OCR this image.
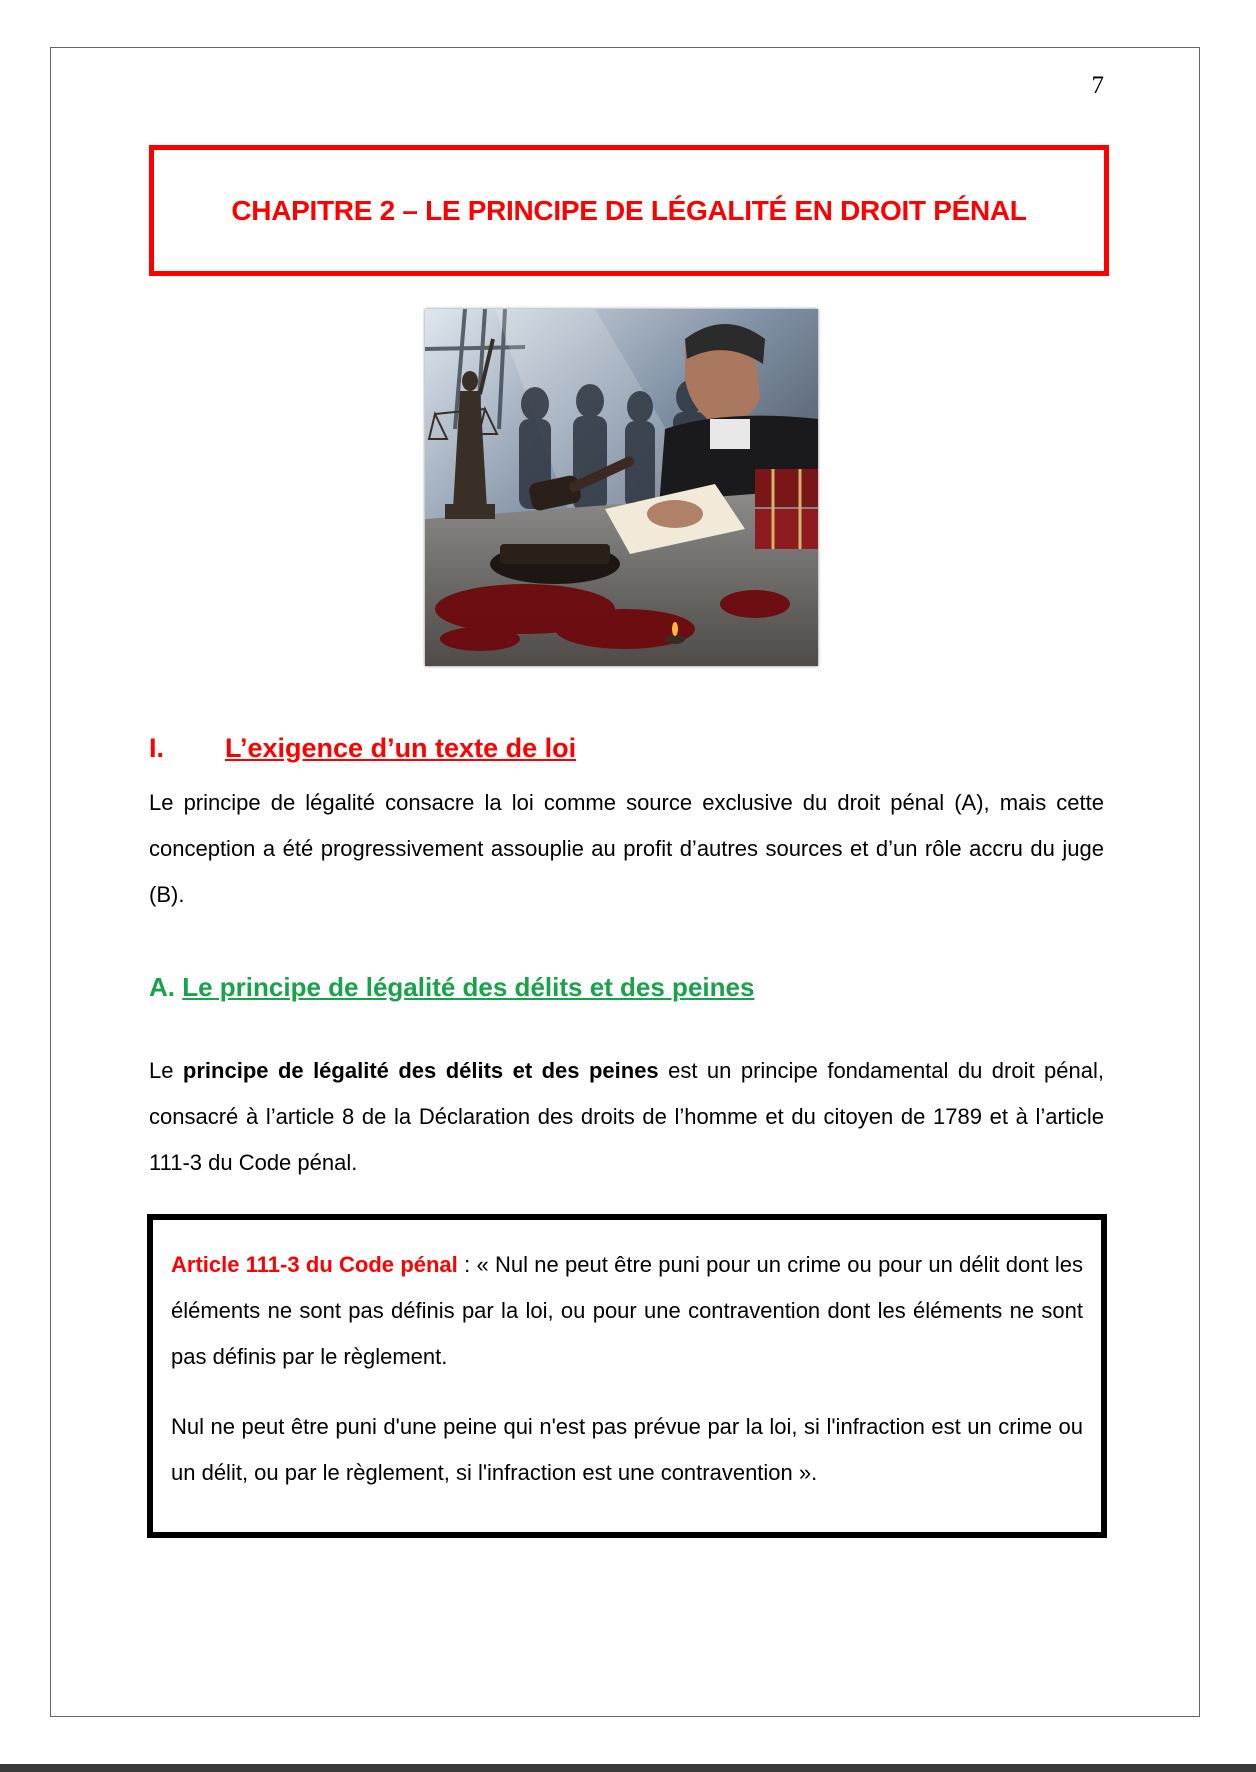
7
CHAPITRE 2 – LE PRINCIPE DE LÉGALITÉ EN DROIT PÉNAL
I.	L’exigence d’un texte de loi

Le principe de légalité consacre la loi comme source exclusive du droit pénal (A), mais cette conception a été progressivement assouplie au profit d’autres sources et d’un rôle accru du juge (B).

A. Le principe de légalité des délits et des peines

Le principe de légalité des délits et des peines est un principe fondamental du droit pénal, consacré à l’article 8 de la Déclaration des droits de l’homme et du citoyen de 1789 et à l’article 111-3 du Code pénal.

Article 111-3 du Code pénal : « Nul ne peut être puni pour un crime ou pour un délit dont les éléments ne sont pas définis par la loi, ou pour une contravention dont les éléments ne sont pas définis par le règlement.

Nul ne peut être puni d'une peine qui n'est pas prévue par la loi, si l'infraction est un crime ou un délit, ou par le règlement, si l'infraction est une contravention ».
